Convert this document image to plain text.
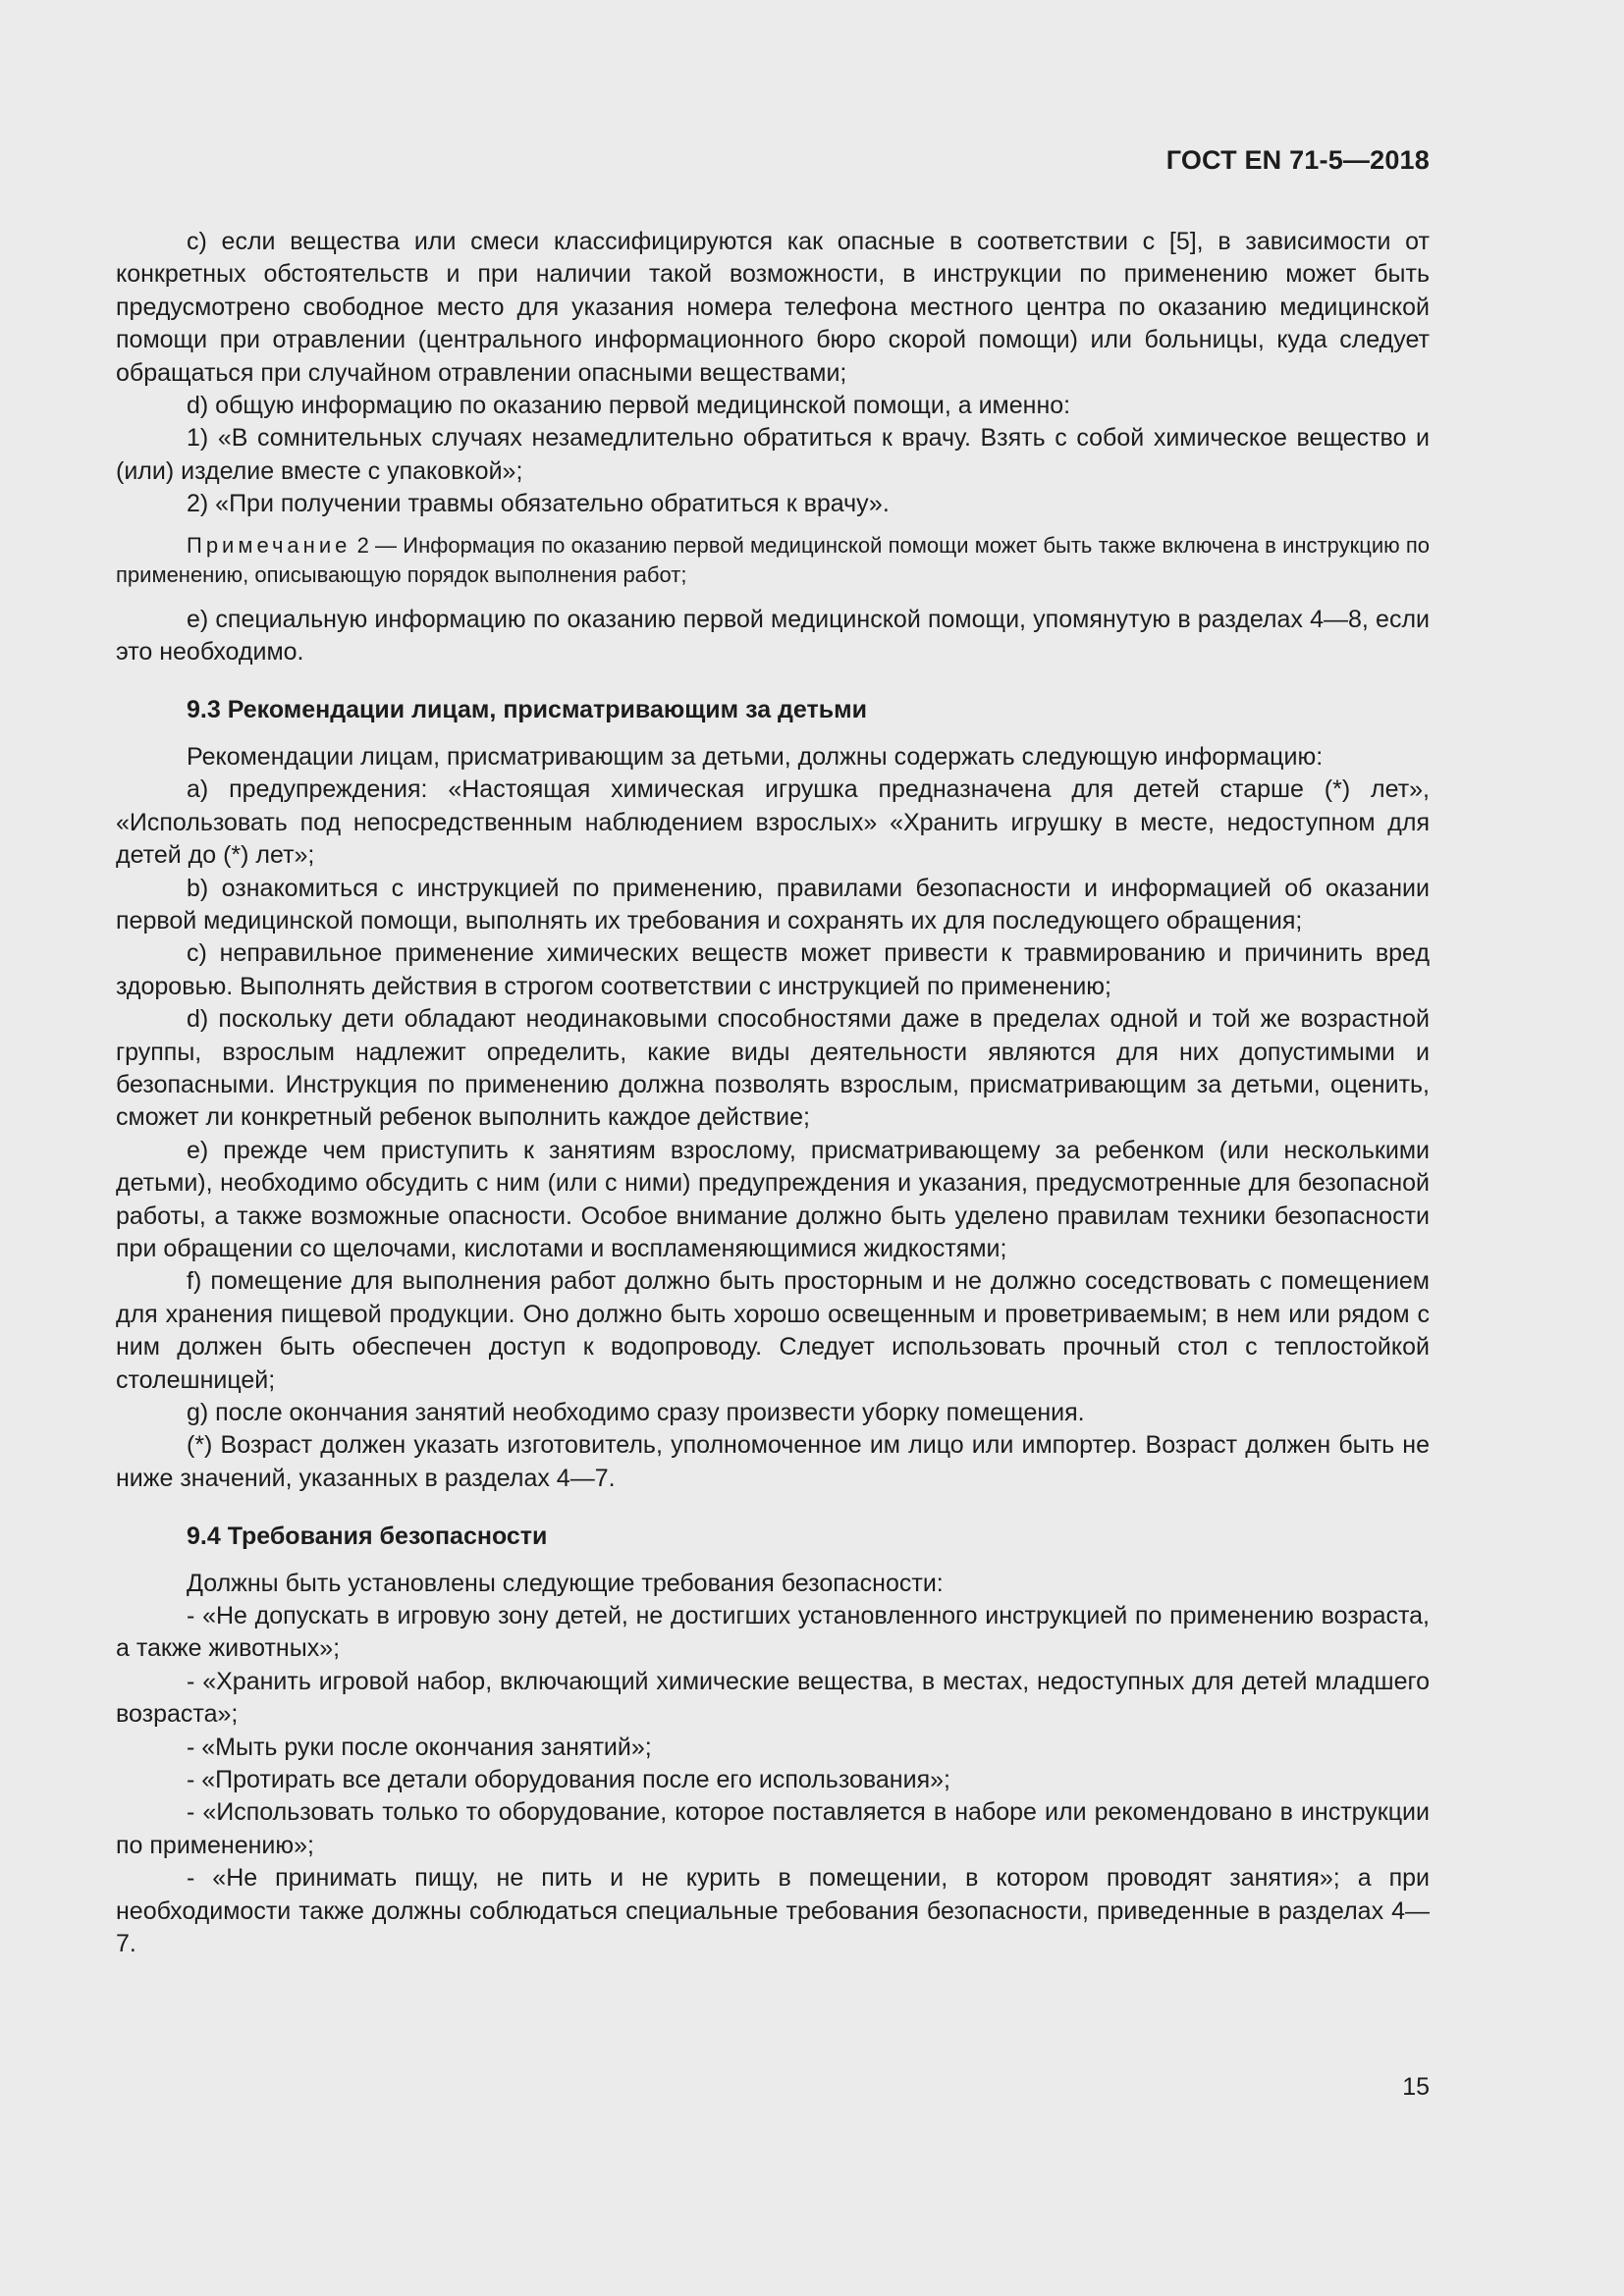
ГОСТ EN 71-5—2018

c) если вещества или смеси классифицируются как опасные в соответствии с [5], в зависимости от конкретных обстоятельств и при наличии такой возможности, в инструкции по применению может быть предусмотрено свободное место для указания номера телефона местного центра по оказанию медицинской помощи при отравлении (центрального информационного бюро скорой помощи) или больницы, куда следует обращаться при случайном отравлении опасными веществами;

d) общую информацию по оказанию первой медицинской помощи, а именно:

1) «В сомнительных случаях незамедлительно обратиться к врачу. Взять с собой химическое вещество и (или) изделие вместе с упаковкой»;

2) «При получении травмы обязательно обратиться к врачу».

Примечание 2 — Информация по оказанию первой медицинской помощи может быть также включена в инструкцию по применению, описывающую порядок выполнения работ;

e) специальную информацию по оказанию первой медицинской помощи, упомянутую в разделах 4—8, если это необходимо.

9.3 Рекомендации лицам, присматривающим за детьми

Рекомендации лицам, присматривающим за детьми, должны содержать следующую информацию:

a) предупреждения: «Настоящая химическая игрушка предназначена для детей старше (*) лет», «Использовать под непосредственным наблюдением взрослых» «Хранить игрушку в месте, недоступном для детей до (*) лет»;

b) ознакомиться с инструкцией по применению, правилами безопасности и информацией об оказании первой медицинской помощи, выполнять их требования и сохранять их для последующего обращения;

c) неправильное применение химических веществ может привести к травмированию и причинить вред здоровью. Выполнять действия в строгом соответствии с инструкцией по применению;

d) поскольку дети обладают неодинаковыми способностями даже в пределах одной и той же возрастной группы, взрослым надлежит определить, какие виды деятельности являются для них допустимыми и безопасными. Инструкция по применению должна позволять взрослым, присматривающим за детьми, оценить, сможет ли конкретный ребенок выполнить каждое действие;

e) прежде чем приступить к занятиям взрослому, присматривающему за ребенком (или несколькими детьми), необходимо обсудить с ним (или с ними) предупреждения и указания, предусмотренные для безопасной работы, а также возможные опасности. Особое внимание должно быть уделено правилам техники безопасности при обращении со щелочами, кислотами и воспламеняющимися жидкостями;

f) помещение для выполнения работ должно быть просторным и не должно соседствовать с помещением для хранения пищевой продукции. Оно должно быть хорошо освещенным и проветриваемым; в нем или рядом с ним должен быть обеспечен доступ к водопроводу. Следует использовать прочный стол с теплостойкой столешницей;

g) после окончания занятий необходимо сразу произвести уборку помещения.

(*) Возраст должен указать изготовитель, уполномоченное им лицо или импортер. Возраст должен быть не ниже значений, указанных в разделах 4—7.

9.4 Требования безопасности

Должны быть установлены следующие требования безопасности:

- «Не допускать в игровую зону детей, не достигших установленного инструкцией по применению возраста, а также животных»;

- «Хранить игровой набор, включающий химические вещества, в местах, недоступных для детей младшего возраста»;

- «Мыть руки после окончания занятий»;

- «Протирать все детали оборудования после его использования»;

- «Использовать только то оборудование, которое поставляется в наборе или рекомендовано в инструкции по применению»;

- «Не принимать пищу, не пить и не курить в помещении, в котором проводят занятия»; а при необходимости также должны соблюдаться специальные требования безопасности, приведенные в разделах 4—7.

15
